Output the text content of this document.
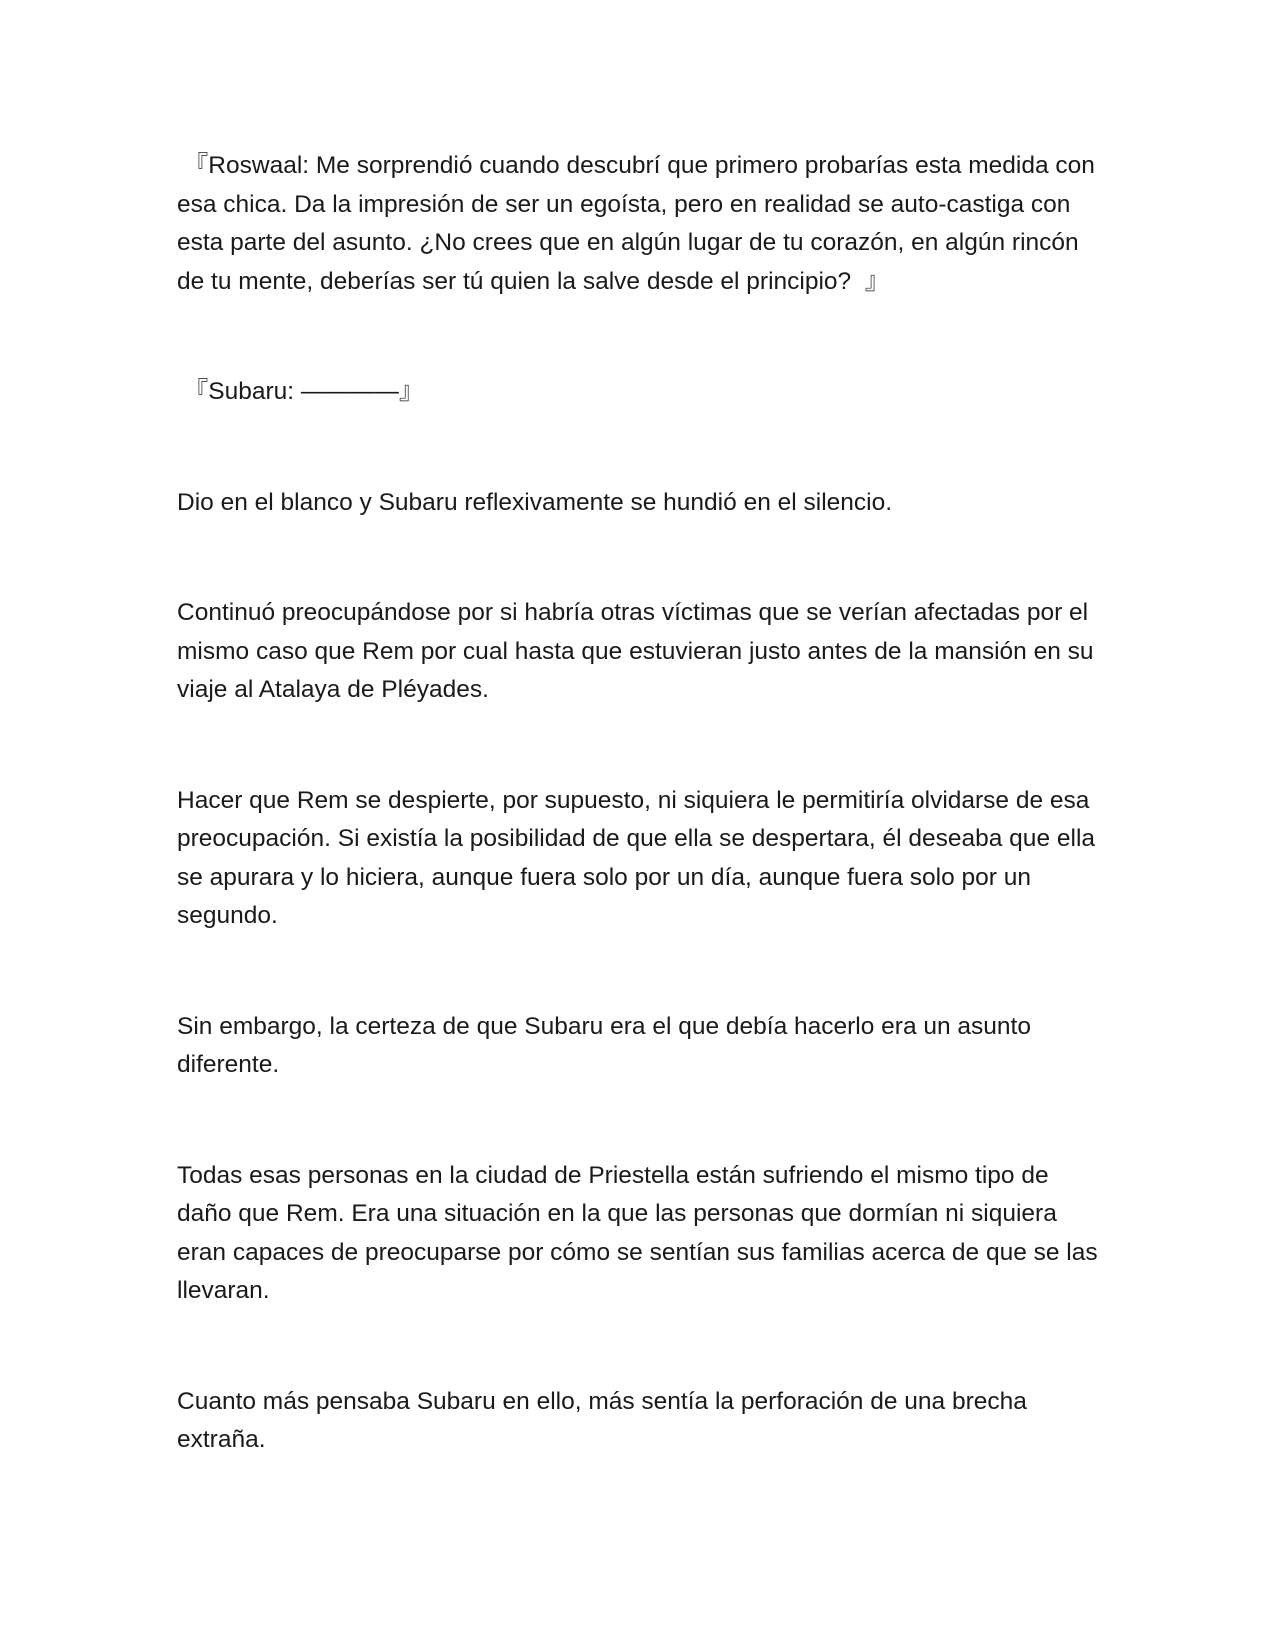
『Roswaal: Me sorprendió cuando descubrí que primero probarías esta medida con esa chica. Da la impresión de ser un egoísta, pero en realidad se auto-castiga con esta parte del asunto. ¿No crees que en algún lugar de tu corazón, en algún rincón de tu mente, deberías ser tú quien la salve desde el principio?  』

『Subaru: ————』

Dio en el blanco y Subaru reflexivamente se hundió en el silencio.

Continuó preocupándose por si habría otras víctimas que se verían afectadas por el mismo caso que Rem por cual hasta que estuvieran justo antes de la mansión en su viaje al Atalaya de Pléyades.

Hacer que Rem se despierte, por supuesto, ni siquiera le permitiría olvidarse de esa preocupación. Si existía la posibilidad de que ella se despertara, él deseaba que ella se apurara y lo hiciera, aunque fuera solo por un día, aunque fuera solo por un segundo.

Sin embargo, la certeza de que Subaru era el que debía hacerlo era un asunto diferente.

Todas esas personas en la ciudad de Priestella están sufriendo el mismo tipo de daño que Rem. Era una situación en la que las personas que dormían ni siquiera eran capaces de preocuparse por cómo se sentían sus familias acerca de que se las llevaran.

Cuanto más pensaba Subaru en ello, más sentía la perforación de una brecha extraña.
